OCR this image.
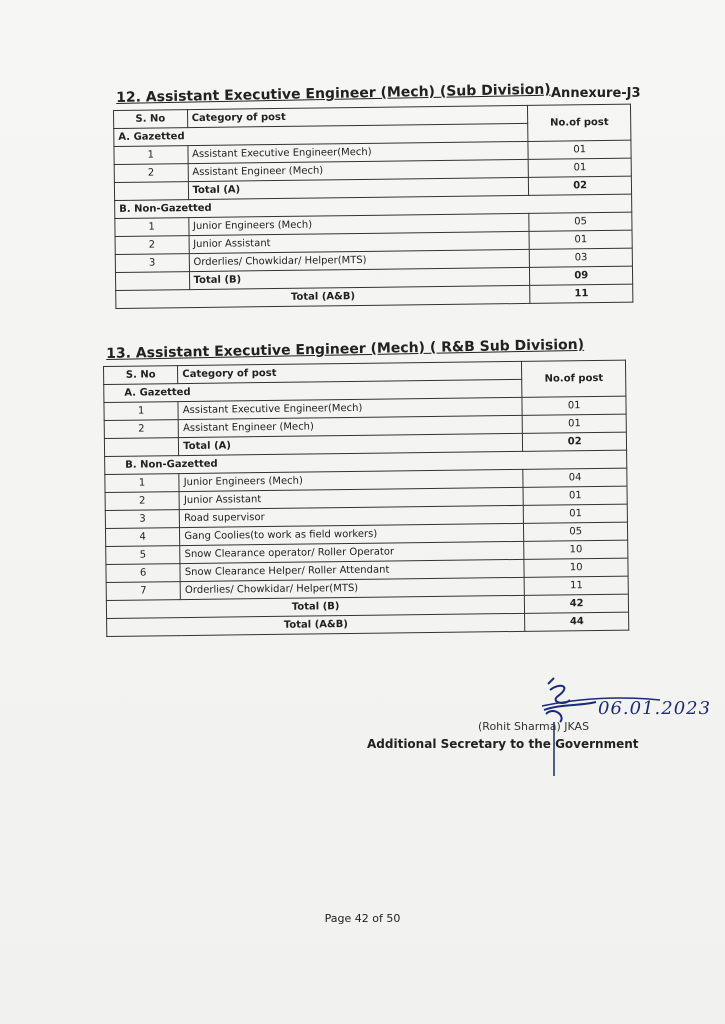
Annexure-J3
12. Assistant Executive Engineer (Mech) (Sub Division)
S. No	Category of post	No.of post
A. Gazetted		
1	Assistant Executive Engineer(Mech)	01
2	Assistant Engineer (Mech)	01
	Total (A)	02
B. Non-Gazetted		
1	Junior Engineers (Mech)	05
2	Junior Assistant	01
3	Orderlies/ Chowkidar/ Helper(MTS)	03
	Total (B)	09
Total (A&B)		11
13. Assistant Executive Engineer (Mech) ( R&B Sub Division)
S. No	Category of post	No.of post
A. Gazetted		
1	Assistant Executive Engineer(Mech)	01
2	Assistant Engineer (Mech)	01
	Total (A)	02
B. Non-Gazetted		
1	Junior Engineers (Mech)	04
2	Junior Assistant	01
3	Road supervisor	01
4	Gang Coolies(to work as field workers)	05
5	Snow Clearance operator/ Roller Operator	10
6	Snow Clearance Helper/ Roller Attendant	10
7	Orderlies/ Chowkidar/ Helper(MTS)	11
Total (B)		42
Total (A&B)		44
06.01.2023
(Rohit Sharma) JKAS
Additional Secretary to the Government
Page 42 of 50
